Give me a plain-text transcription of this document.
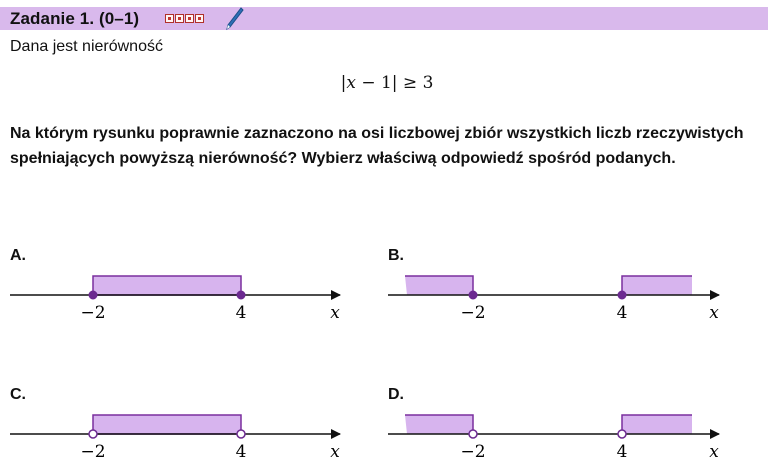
Zadanie 1. (0–1)
Dana jest nierówność
|x − 1| ≥ 3
Na którym rysunku poprawnie zaznaczono na osi liczbowej zbiór wszystkich liczb rzeczywistych spełniających powyższą nierówność? Wybierz właściwą odpowiedź spośród podanych.
A.	B.
C.	D.
−2	4	x	−2	4	x
−2	4	x	−2	4	x
